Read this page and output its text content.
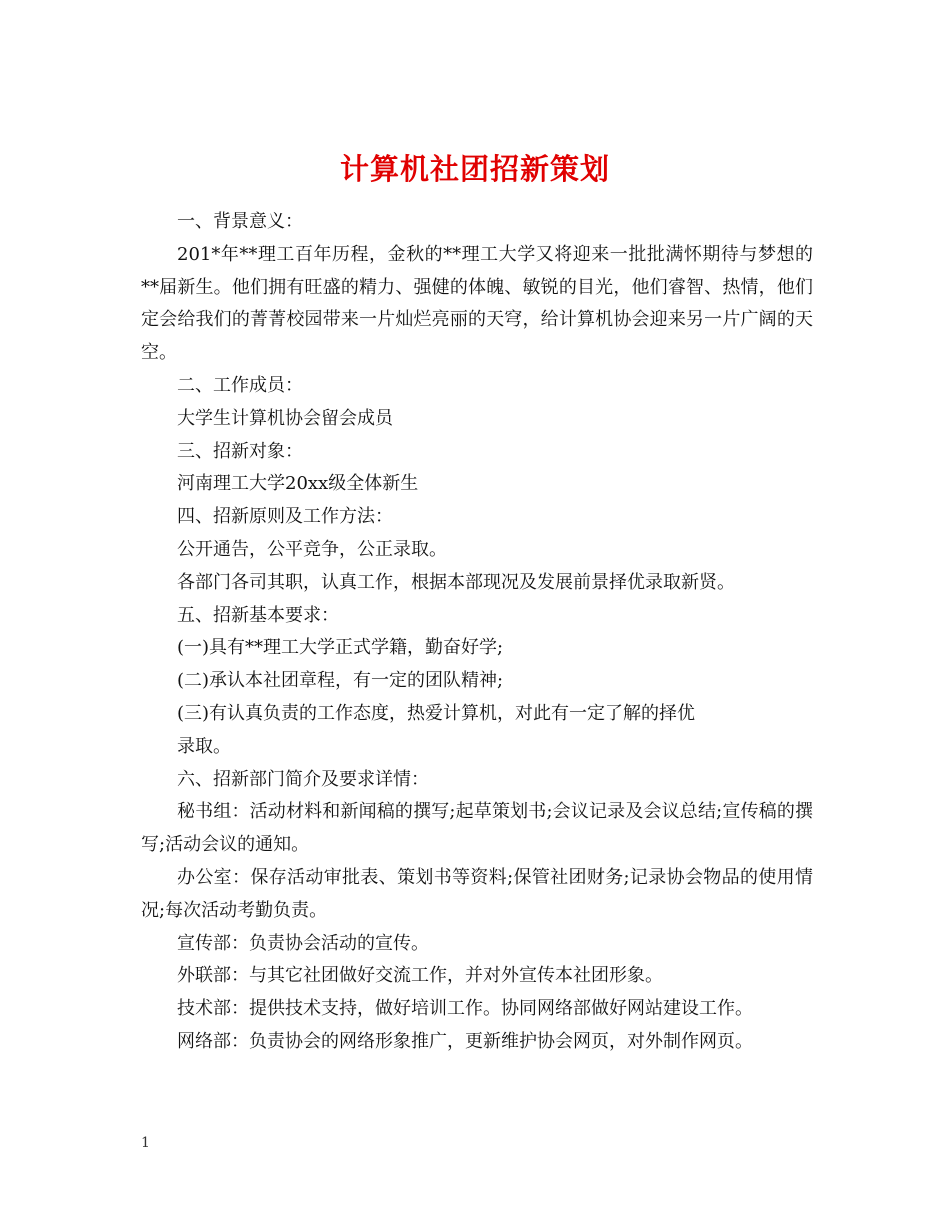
计算机社团招新策划

一、背景意义：

201*年**理工百年历程，金秋的**理工大学又将迎来一批批满怀期待与梦想的**届新生。他们拥有旺盛的精力、强健的体魄、敏锐的目光，他们睿智、热情，他们定会给我们的菁菁校园带来一片灿烂亮丽的天穹，给计算机协会迎来另一片广阔的天空。

二、工作成员：

大学生计算机协会留会成员

三、招新对象：

河南理工大学20xx级全体新生

四、招新原则及工作方法：

公开通告，公平竞争，公正录取。

各部门各司其职，认真工作，根据本部现况及发展前景择优录取新贤。

五、招新基本要求：

(一)具有**理工大学正式学籍，勤奋好学;

(二)承认本社团章程，有一定的团队精神;

(三)有认真负责的工作态度，热爱计算机，对此有一定了解的择优

录取。

六、招新部门简介及要求详情：

秘书组：活动材料和新闻稿的撰写;起草策划书;会议记录及会议总结;宣传稿的撰写;活动会议的通知。

办公室：保存活动审批表、策划书等资料;保管社团财务;记录协会物品的使用情况;每次活动考勤负责。

宣传部：负责协会活动的宣传。

外联部：与其它社团做好交流工作，并对外宣传本社团形象。

技术部：提供技术支持，做好培训工作。协同网络部做好网站建设工作。

网络部：负责协会的网络形象推广，更新维护协会网页，对外制作网页。

1
